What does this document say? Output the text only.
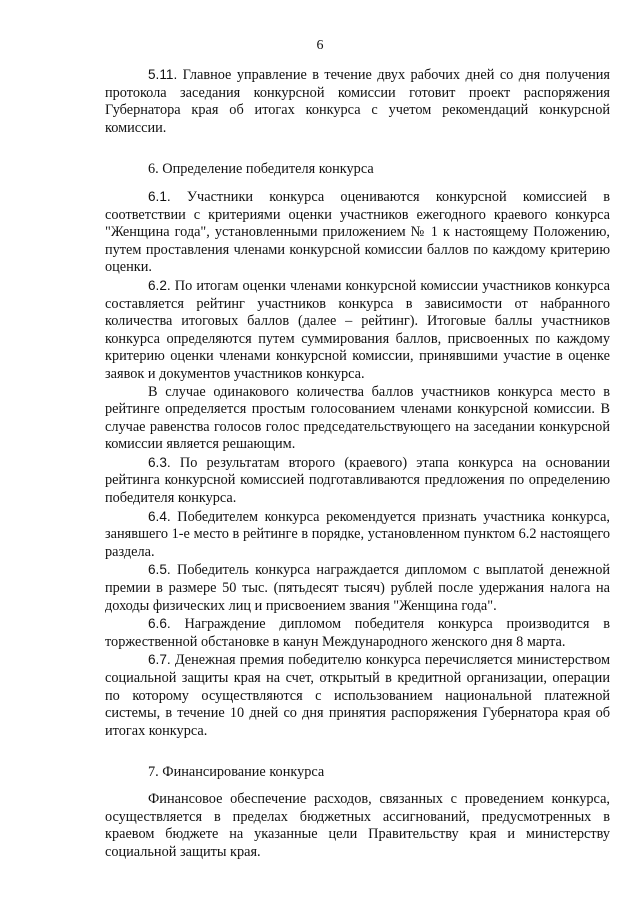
6

5.11. Главное управление в течение двух рабочих дней со дня получения протокола заседания конкурсной комиссии готовит проект распоряжения Губернатора края об итогах конкурса с учетом рекомендаций конкурсной комиссии.

6. Определение победителя конкурса

6.1. Участники конкурса оцениваются конкурсной комиссией в соответствии с критериями оценки участников ежегодного краевого конкурса "Женщина года", установленными приложением № 1 к настоящему Положению, путем проставления членами конкурсной комиссии баллов по каждому критерию оценки.

6.2. По итогам оценки членами конкурсной комиссии участников конкурса составляется рейтинг участников конкурса в зависимости от набранного количества итоговых баллов (далее – рейтинг). Итоговые баллы участников конкурса определяются путем суммирования баллов, присвоенных по каждому критерию оценки членами конкурсной комиссии, принявшими участие в оценке заявок и документов участников конкурса.

В случае одинакового количества баллов участников конкурса место в рейтинге определяется простым голосованием членами конкурсной комиссии. В случае равенства голосов голос председательствующего на заседании конкурсной комиссии является решающим.

6.3. По результатам второго (краевого) этапа конкурса на основании рейтинга конкурсной комиссией подготавливаются предложения по определению победителя конкурса.

6.4. Победителем конкурса рекомендуется признать участника конкурса, занявшего 1-е место в рейтинге в порядке, установленном пунктом 6.2 настоящего раздела.

6.5. Победитель конкурса награждается дипломом с выплатой денежной премии в размере 50 тыс. (пятьдесят тысяч) рублей после удержания налога на доходы физических лиц и присвоением звания "Женщина года".

6.6. Награждение дипломом победителя конкурса производится в торжественной обстановке в канун Международного женского дня 8 марта.

6.7. Денежная премия победителю конкурса перечисляется министерством социальной защиты края на счет, открытый в кредитной организации, операции по которому осуществляются с использованием национальной платежной системы, в течение 10 дней со дня принятия распоряжения Губернатора края об итогах конкурса.

7. Финансирование конкурса

Финансовое обеспечение расходов, связанных с проведением конкурса, осуществляется в пределах бюджетных ассигнований, предусмотренных в краевом бюджете на указанные цели Правительству края и министерству социальной защиты края.
